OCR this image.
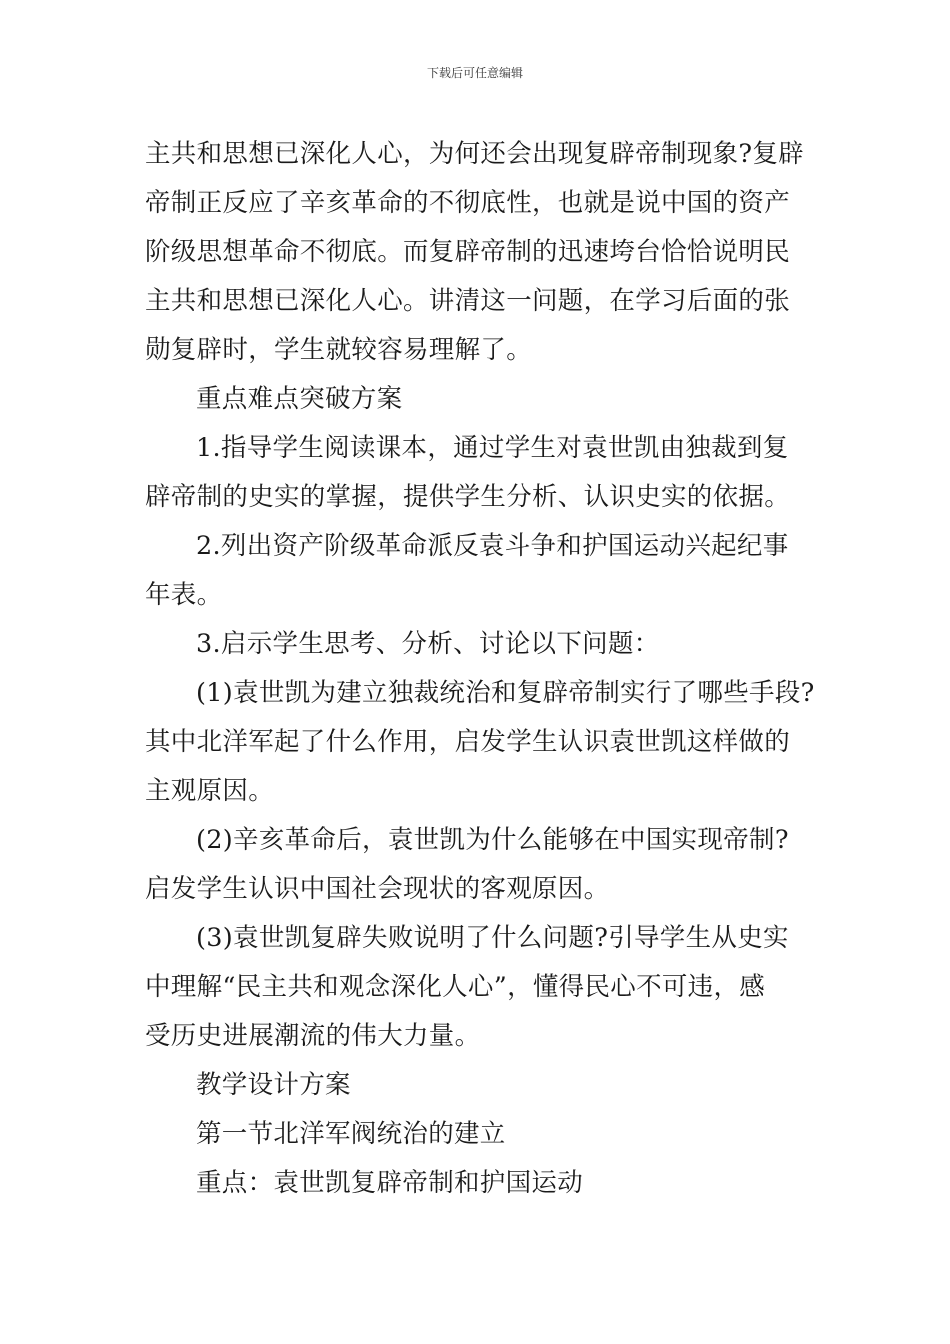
下载后可任意编辑

主共和思想已深化人心，为何还会出现复辟帝制现象?复辟

帝制正反应了辛亥革命的不彻底性，也就是说中国的资产

阶级思想革命不彻底。而复辟帝制的迅速垮台恰恰说明民

主共和思想已深化人心。讲清这一问题，在学习后面的张

勋复辟时，学生就较容易理解了。

重点难点突破方案

1.指导学生阅读课本，通过学生对袁世凯由独裁到复

辟帝制的史实的掌握，提供学生分析、认识史实的依据。

2.列出资产阶级革命派反袁斗争和护国运动兴起纪事

年表。

3.启示学生思考、分析、讨论以下问题：

(1)袁世凯为建立独裁统治和复辟帝制实行了哪些手段?

其中北洋军起了什么作用，启发学生认识袁世凯这样做的

主观原因。

(2)辛亥革命后，袁世凯为什么能够在中国实现帝制?

启发学生认识中国社会现状的客观原因。

(3)袁世凯复辟失败说明了什么问题?引导学生从史实

中理解“民主共和观念深化人心”，懂得民心不可违，感

受历史进展潮流的伟大力量。

教学设计方案

第一节北洋军阀统治的建立

重点：袁世凯复辟帝制和护国运动
